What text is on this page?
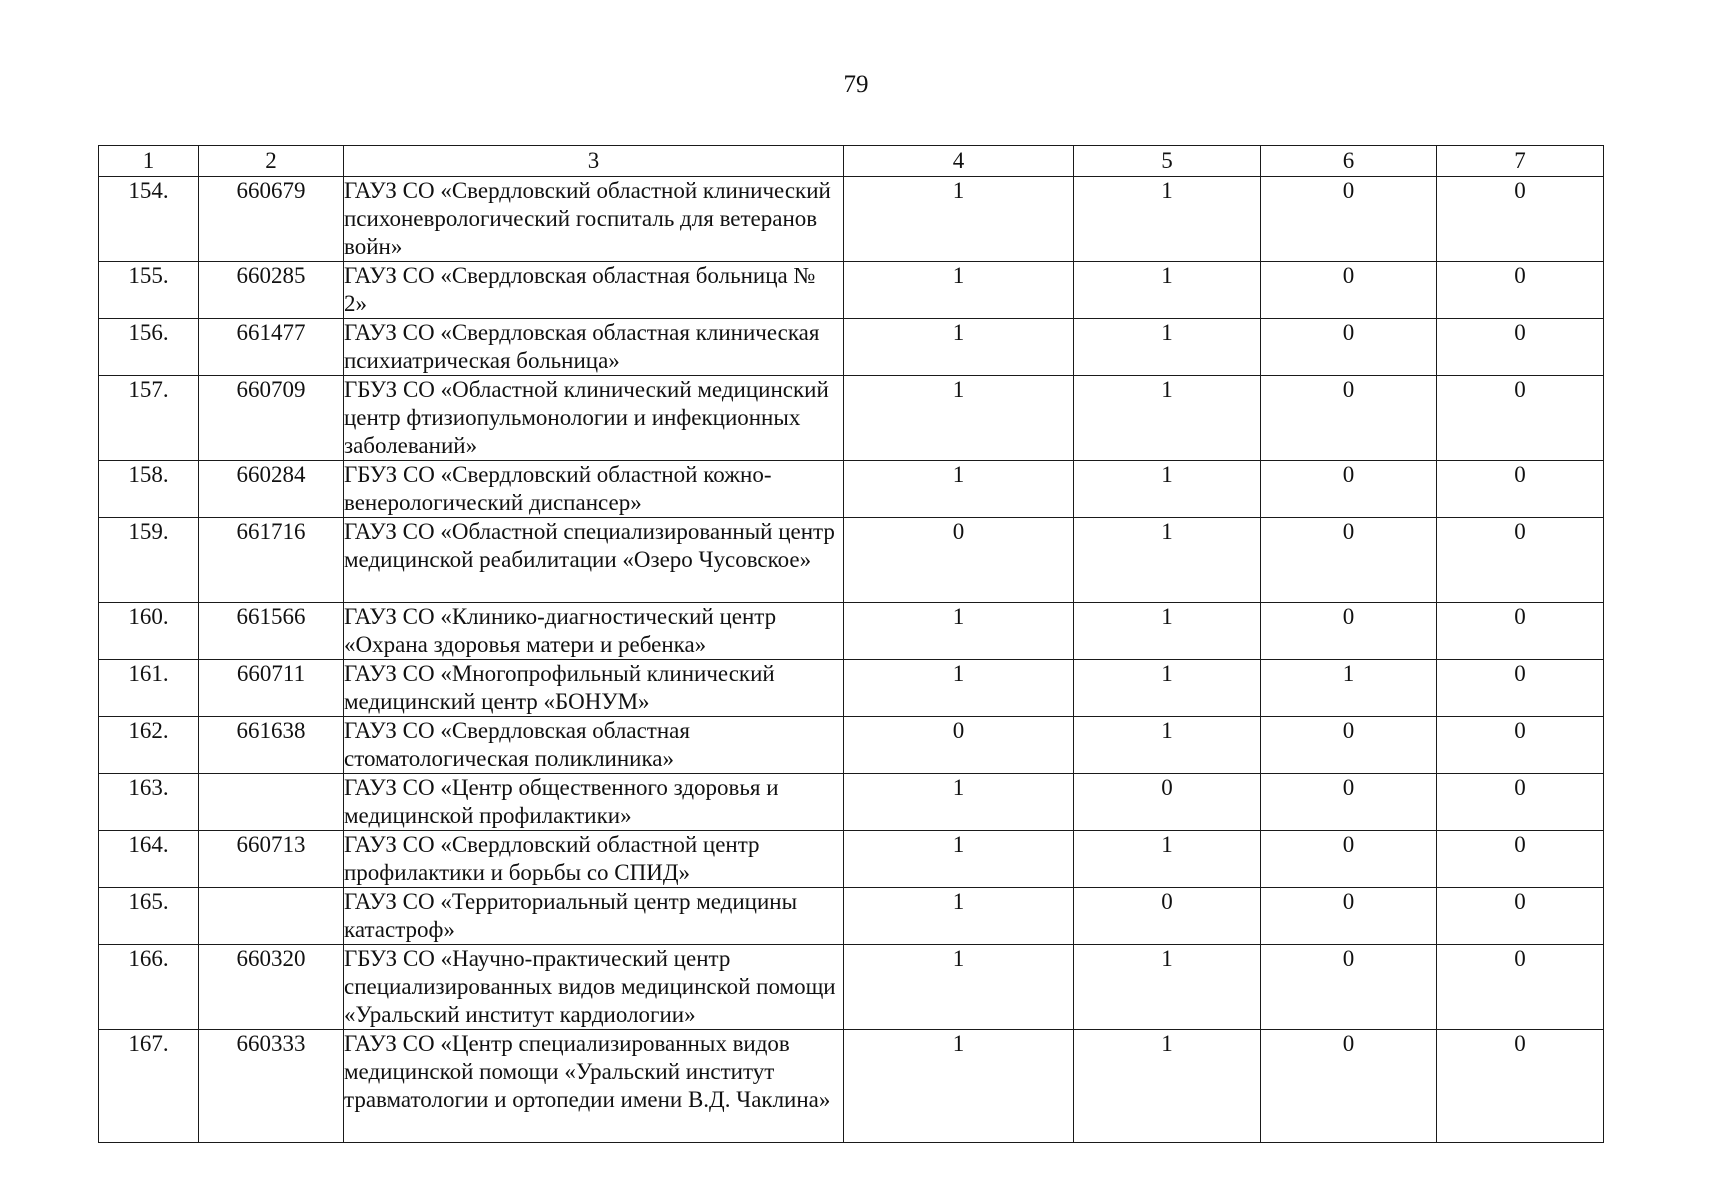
79
1	2	3	4	5	6	7
154.	660679	ГАУЗ СО «Свердловский областной клинический психоневрологический госпиталь для ветеранов войн»	1	1	0	0
155.	660285	ГАУЗ СО «Свердловская областная больница № 2»	1	1	0	0
156.	661477	ГАУЗ СО «Свердловская областная клиническая психиатрическая больница»	1	1	0	0
157.	660709	ГБУЗ СО «Областной клинический медицинский центр фтизиопульмонологии и инфекционных заболеваний»	1	1	0	0
158.	660284	ГБУЗ СО «Свердловский областной кожно-венерологический диспансер»	1	1	0	0
159.	661716	ГАУЗ СО «Областной специализированный центр медицинской реабилитации «Озеро Чусовское»	0	1	0	0
160.	661566	ГАУЗ СО «Клинико-диагностический центр «Охрана здоровья матери и ребенка»	1	1	0	0
161.	660711	ГАУЗ СО «Многопрофильный клинический медицинский центр «БОНУМ»	1	1	1	0
162.	661638	ГАУЗ СО «Свердловская областная стоматологическая поликлиника»	0	1	0	0
163.		ГАУЗ СО «Центр общественного здоровья и медицинской профилактики»	1	0	0	0
164.	660713	ГАУЗ СО «Свердловский областной центр профилактики и борьбы со СПИД»	1	1	0	0
165.		ГАУЗ СО «Территориальный центр медицины катастроф»	1	0	0	0
166.	660320	ГБУЗ СО «Научно-практический центр специализированных видов медицинской помощи «Уральский институт кардиологии»	1	1	0	0
167.	660333	ГАУЗ СО «Центр специализированных видов медицинской помощи «Уральский институт травматологии и ортопедии имени В.Д. Чаклина»	1	1	0	0
